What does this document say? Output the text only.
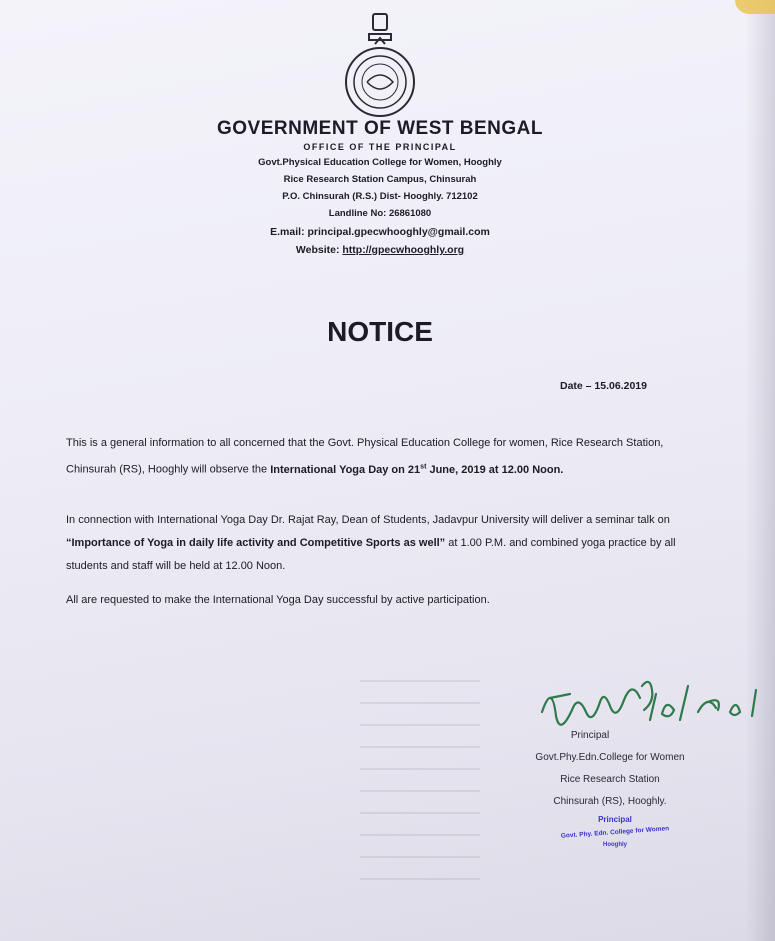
GOVERNMENT OF WEST BENGAL
OFFICE OF THE PRINCIPAL
Govt.Physical Education College for Women, Hooghly
Rice Research Station Campus, Chinsurah
P.O. Chinsurah (R.S.) Dist- Hooghly. 712102
Landline No: 26861080
E.mail: principal.gpecwhooghly@gmail.com
Website: http://gpecwhooghly.org
NOTICE
Date – 15.06.2019
This is a general information to all concerned that the Govt. Physical Education College for women, Rice Research Station, Chinsurah (RS), Hooghly will observe the International Yoga Day on 21st June, 2019 at 12.00 Noon.
In connection with International Yoga Day Dr. Rajat Ray, Dean of Students, Jadavpur University will deliver a seminar talk on “Importance of Yoga in daily life activity and Competitive Sports as well” at 1.00 P.M. and combined yoga practice by all students and staff will be held at 12.00 Noon.
All are requested to make the International Yoga Day successful by active participation.
Principal
Govt.Phy.Edn.College for Women
Rice Research Station
Chinsurah (RS), Hooghly.
Principal
Govt. Phy. Edn. College for Women
Hooghly
